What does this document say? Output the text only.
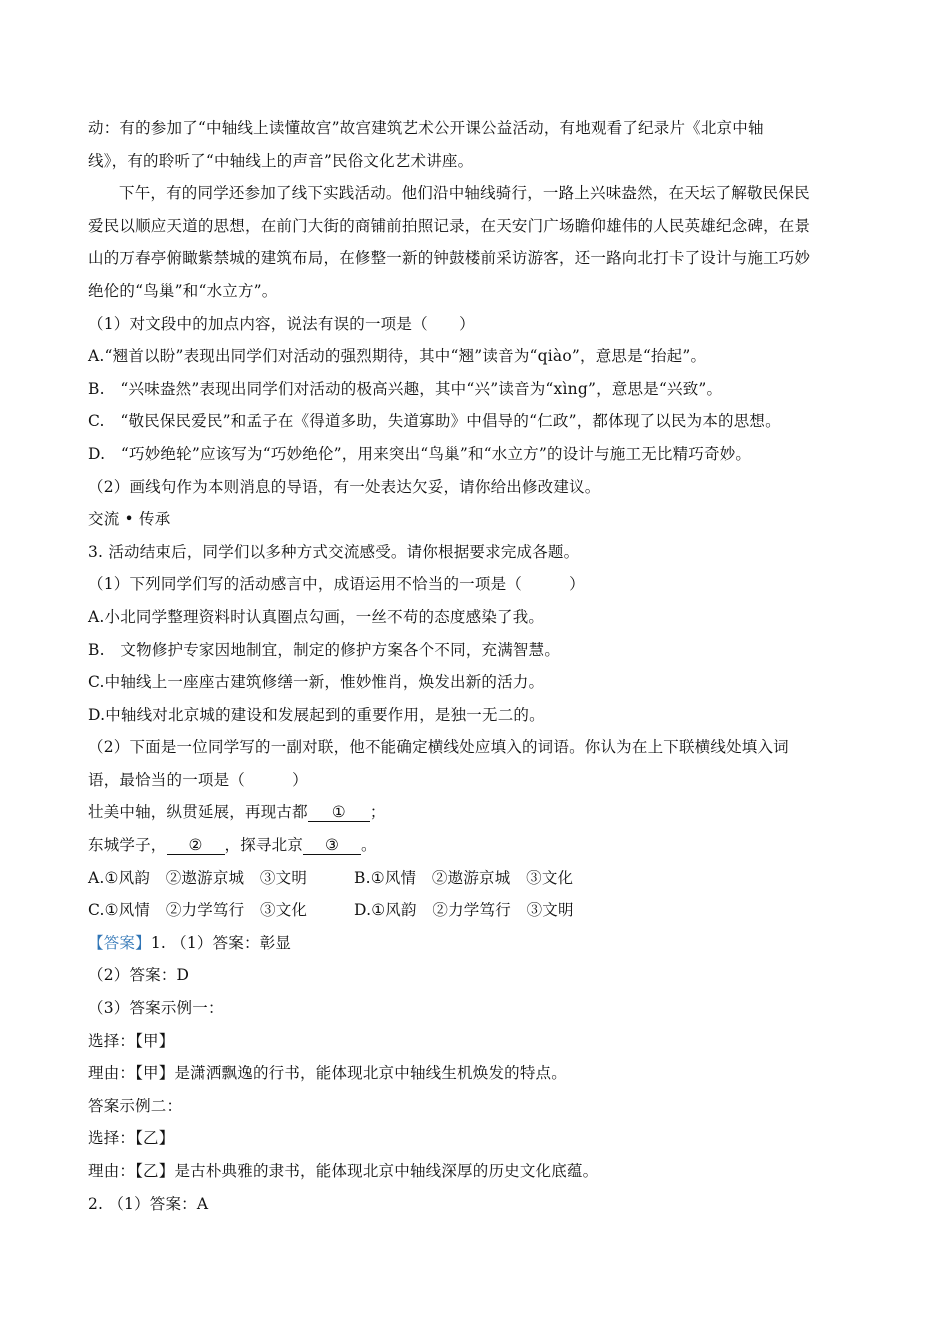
动：有的参加了“中轴线上读懂故宫”故宫建筑艺术公开课公益活动，有地观看了纪录片《北京中轴
线》，有的聆听了“中轴线上的声音”民俗文化艺术讲座。
下午，有的同学还参加了线下实践活动。他们沿中轴线骑行，一路上兴味盎然，在天坛了解敬民保民
爱民以顺应天道的思想，在前门大街的商铺前拍照记录，在天安门广场瞻仰雄伟的人民英雄纪念碑，在景
山的万春亭俯瞰紫禁城的建筑布局，在修整一新的钟鼓楼前采访游客，还一路向北打卡了设计与施工巧妙
绝伦的“鸟巢”和“水立方”。
（1）对文段中的加点内容，说法有误的一项是（　　）
A.“翘首以盼”表现出同学们对活动的强烈期待，其中“翘”读音为“qiào”，意思是“抬起”。
B.　“兴味盎然”表现出同学们对活动的极高兴趣，其中“兴”读音为“xìng”，意思是“兴致”。
C.　“敬民保民爱民”和孟子在《得道多助，失道寡助》中倡导的“仁政”，都体现了以民为本的思想。
D.　“巧妙绝轮”应该写为“巧妙绝伦”，用来突出“鸟巢”和“水立方”的设计与施工无比精巧奇妙。
（2）画线句作为本则消息的导语，有一处表达欠妥，请你给出修改建议。
交流 • 传承
3. 活动结束后，同学们以多种方式交流感受。请你根据要求完成各题。
（1）下列同学们写的活动感言中，成语运用不恰当的一项是（　　　）
A.小北同学整理资料时认真圈点勾画，一丝不苟的态度感染了我。
B.　文物修护专家因地制宜，制定的修护方案各个不同，充满智慧。
C.中轴线上一座座古建筑修缮一新，惟妙惟肖，焕发出新的活力。
D.中轴线对北京城的建设和发展起到的重要作用，是独一无二的。
（2）下面是一位同学写的一副对联，他不能确定横线处应填入的词语。你认为在上下联横线处填入词
语，最恰当的一项是（　　　）
壮美中轴，纵贯延展，再现古都 ① ；
东城学子， ② ，探寻北京 ③ 。
A.①风韵　②遨游京城　③文明	B.①风情　②遨游京城　③文化
C.①风情　②力学笃行　③文化	D.①风韵　②力学笃行　③文明
【答案】1. （1）答案：彰显
（2）答案：D
（3）答案示例一：
选择：【甲】
理由：【甲】是潇洒飘逸的行书，能体现北京中轴线生机焕发的特点。
答案示例二：
选择：【乙】
理由：【乙】是古朴典雅的隶书，能体现北京中轴线深厚的历史文化底蕴。
2. （1）答案：A
